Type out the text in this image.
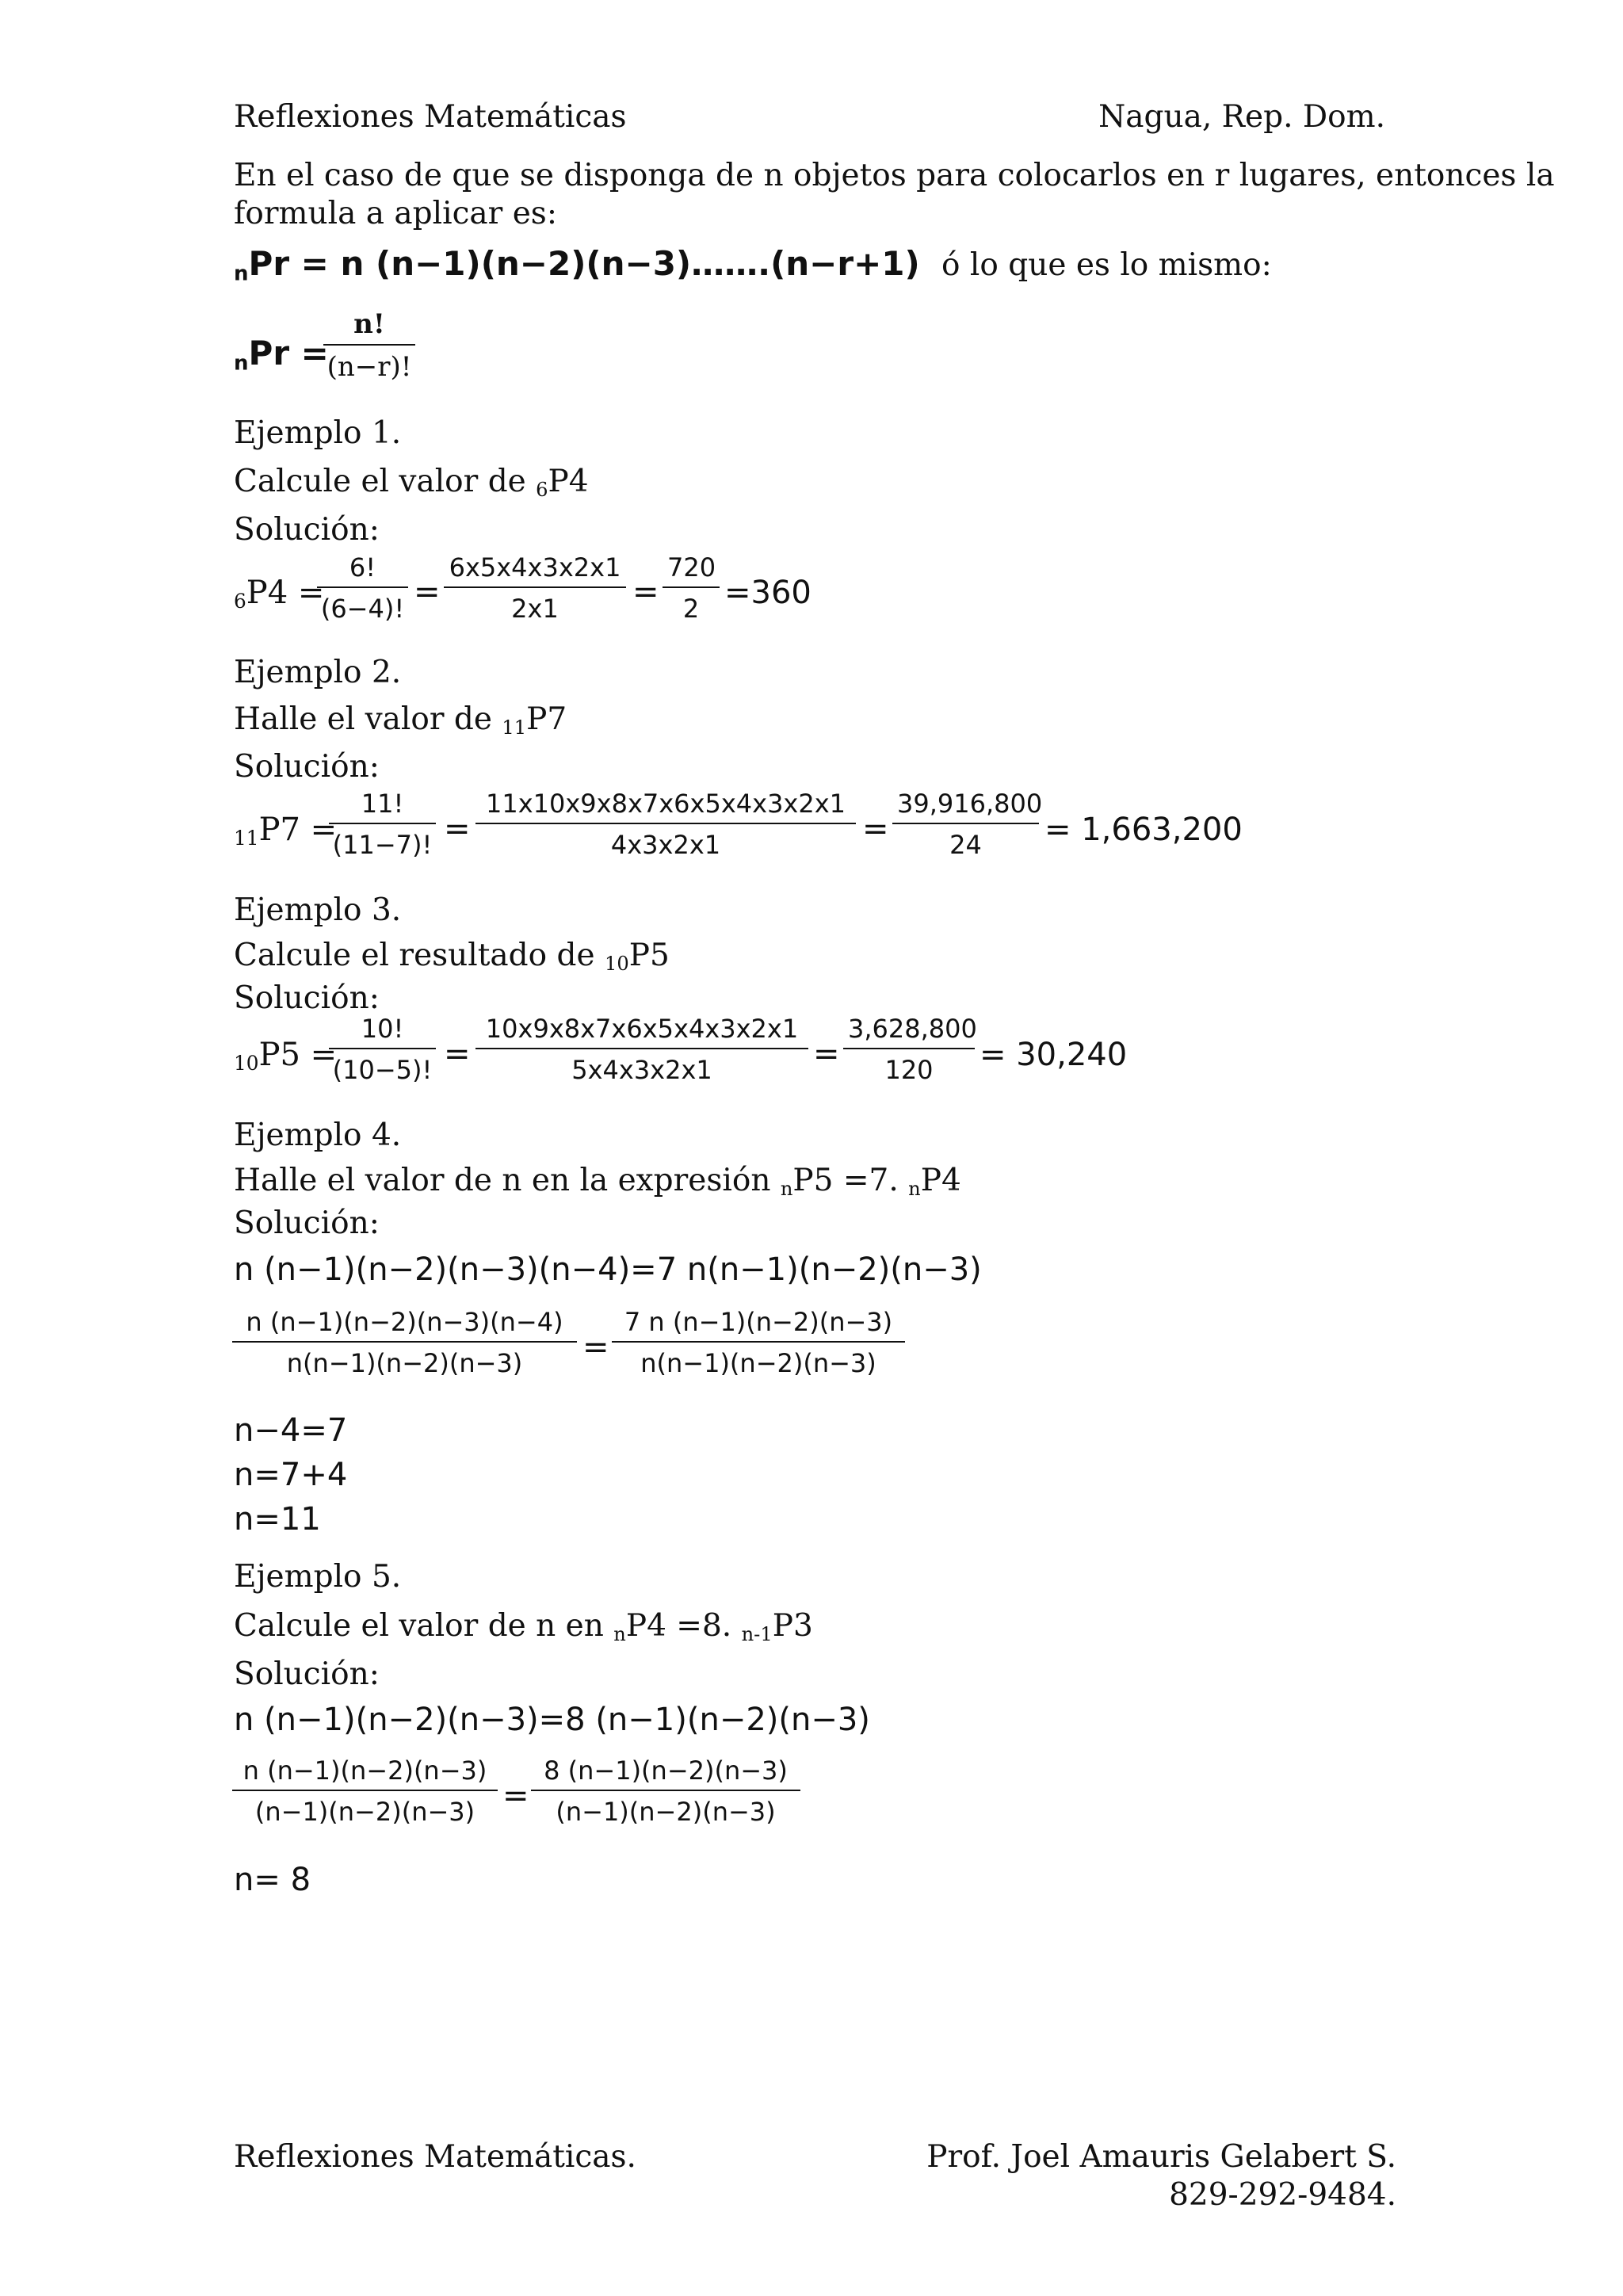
Reflexiones Matemáticas	Nagua, Rep. Dom.
En el caso de que se disponga de n objetos para colocarlos en r lugares, entonces la
formula a aplicar es:
$_n$Pr = n (n−1)(n−2)(n−3)…….(n−r+1) ó lo que es lo mismo:
$_n$Pr =
$\frac{n!}{(n-r)!}$
Ejemplo 1.
Calcule el valor de $_6$P4
Solución:
$_6$P4 =
$\frac{6!}{(6-4)!} = \frac{6x5x4x3x2x1}{2x1} = \frac{720}{2} =360$
Ejemplo 2.
Halle el valor de $_{11}$P7
Solución:
$_{11}$P7 =
$\frac{11!}{(11-7)!} = \frac{11x10x9x8x7x6x5x4x3x2x1}{4x3x2x1} = \frac{39,916,800}{24} = 1,663,200$
Ejemplo 3.
Calcule el resultado de $_{10}$P5
Solución:
$_{10}$P5 =
$\frac{10!}{(10-5)!} = \frac{10x9x8x7x6x5x4x3x2x1}{5x4x3x2x1} = \frac{3,628,800}{120} = 30,240$
Ejemplo 4.
Halle el valor de n en la expresión $_n$P5 =7. $_n$P4
Solución:
n (n−1)(n−2)(n−3)(n−4)=7 n(n−1)(n−2)(n−3)
$\frac{n (n-1)(n-2)(n-3)(n-4)}{n(n-1)(n-2)(n-3)} = \frac{7 n (n-1)(n-2)(n-3)}{n(n-1)(n-2)(n-3)}$
n−4=7
n=7+4
n=11
Ejemplo 5.
Calcule el valor de n en $_n$P4 =8. $_{n-1}$P3
Solución:
n (n−1)(n−2)(n−3)=8 (n−1)(n−2)(n−3)
$\frac{n (n-1)(n-2)(n-3)}{(n-1)(n-2)(n-3)} = \frac{8 (n-1)(n-2)(n-3)}{(n-1)(n-2)(n-3)}$
n= 8
Reflexiones Matemáticas.	Prof. Joel Amauris Gelabert S.
829-292-9484.
